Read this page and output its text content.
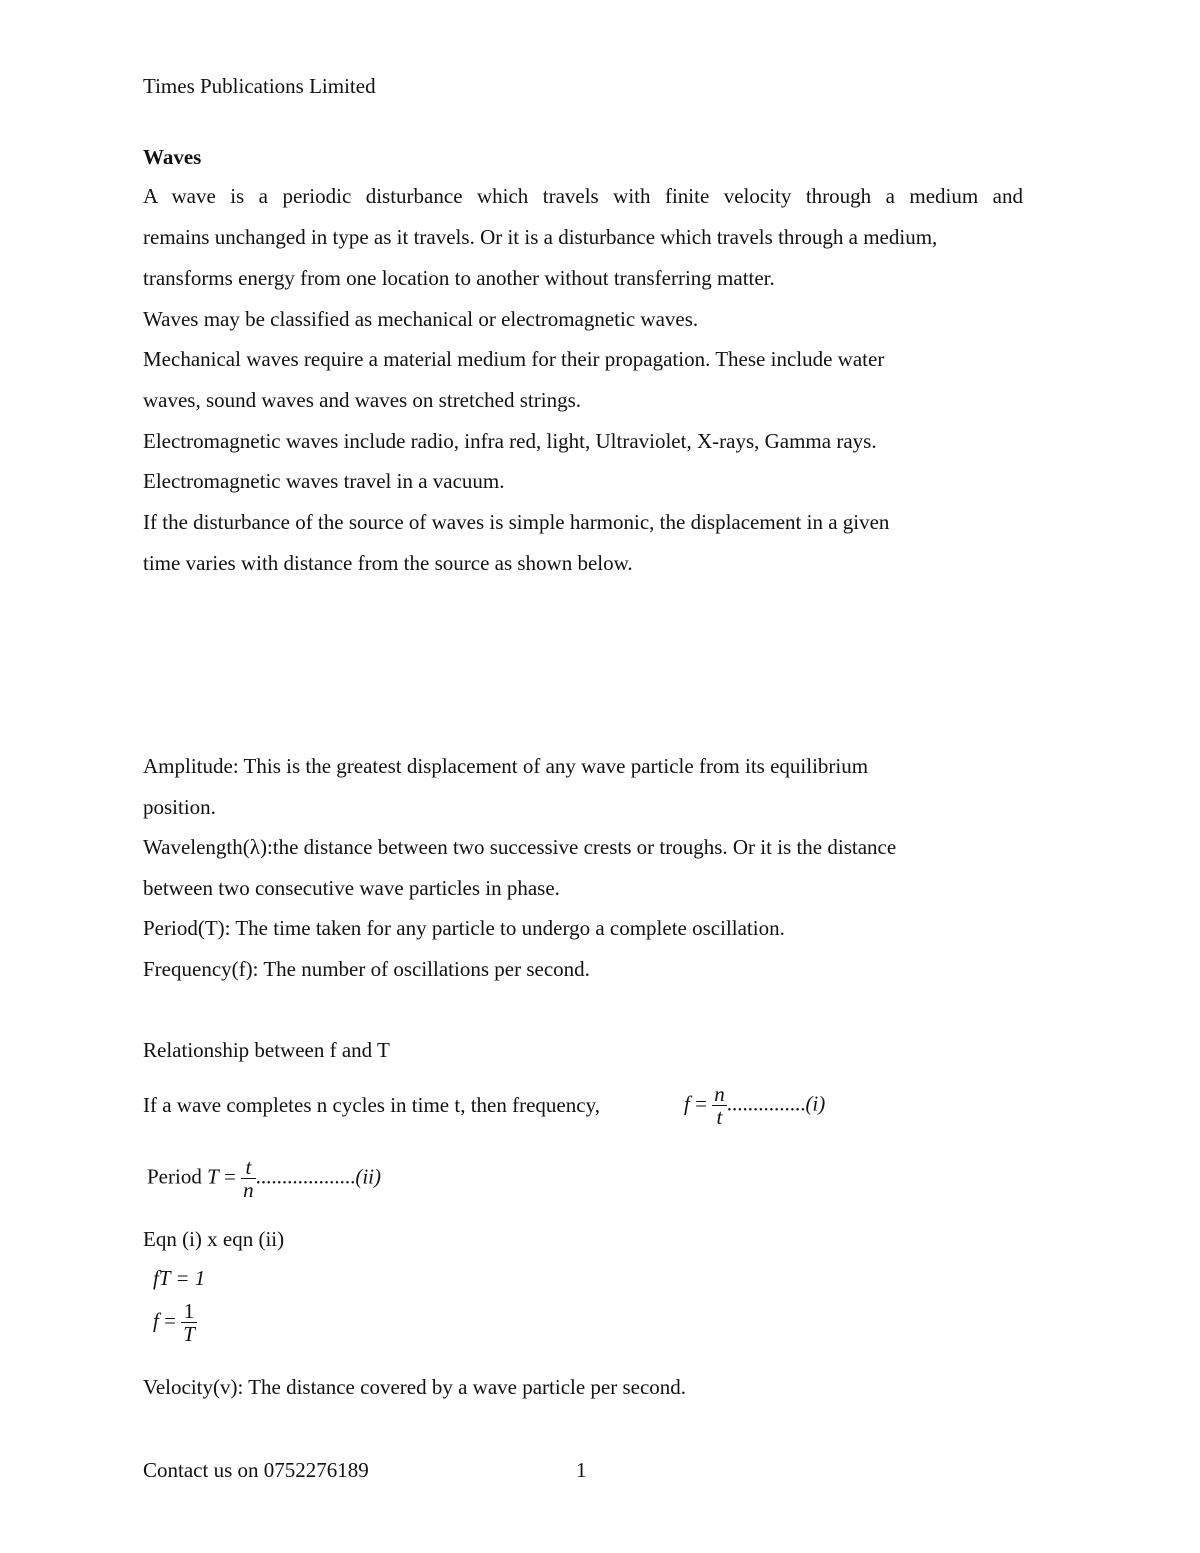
Times Publications Limited
Waves
A wave is a periodic disturbance which travels with finite velocity through a medium and
remains unchanged in type as it travels. Or it is a disturbance which travels through a medium,
transforms energy from one location to another without transferring matter.
Waves may be classified as mechanical or electromagnetic waves.
Mechanical waves require a material medium for their propagation. These include water
waves, sound waves and waves on stretched strings.
Electromagnetic waves include radio, infra red, light, Ultraviolet, X-rays, Gamma rays.
Electromagnetic waves travel in a vacuum.
If the disturbance of the source of waves is simple harmonic, the displacement in a given
time varies with distance from the source as shown below.
Amplitude: This is the greatest displacement of any wave particle from its equilibrium
position.
Wavelength(λ):the distance between two successive crests or troughs. Or it is the distance
between two consecutive wave particles in phase.
Period(T): The time taken for any particle to undergo a complete oscillation.
Frequency(f): The number of oscillations per second.
Relationship between f and T
If a wave completes n cycles in time t, then frequency,	$f = \frac{n}{t} ...............(i)$
Period $T = \frac{t}{n} ...................(ii)$
Eqn (i) x eqn (ii)
fT = 1
$f = \frac{1}{T}$
Velocity(v): The distance covered by a wave particle per second.
Contact us on 0752276189	1
